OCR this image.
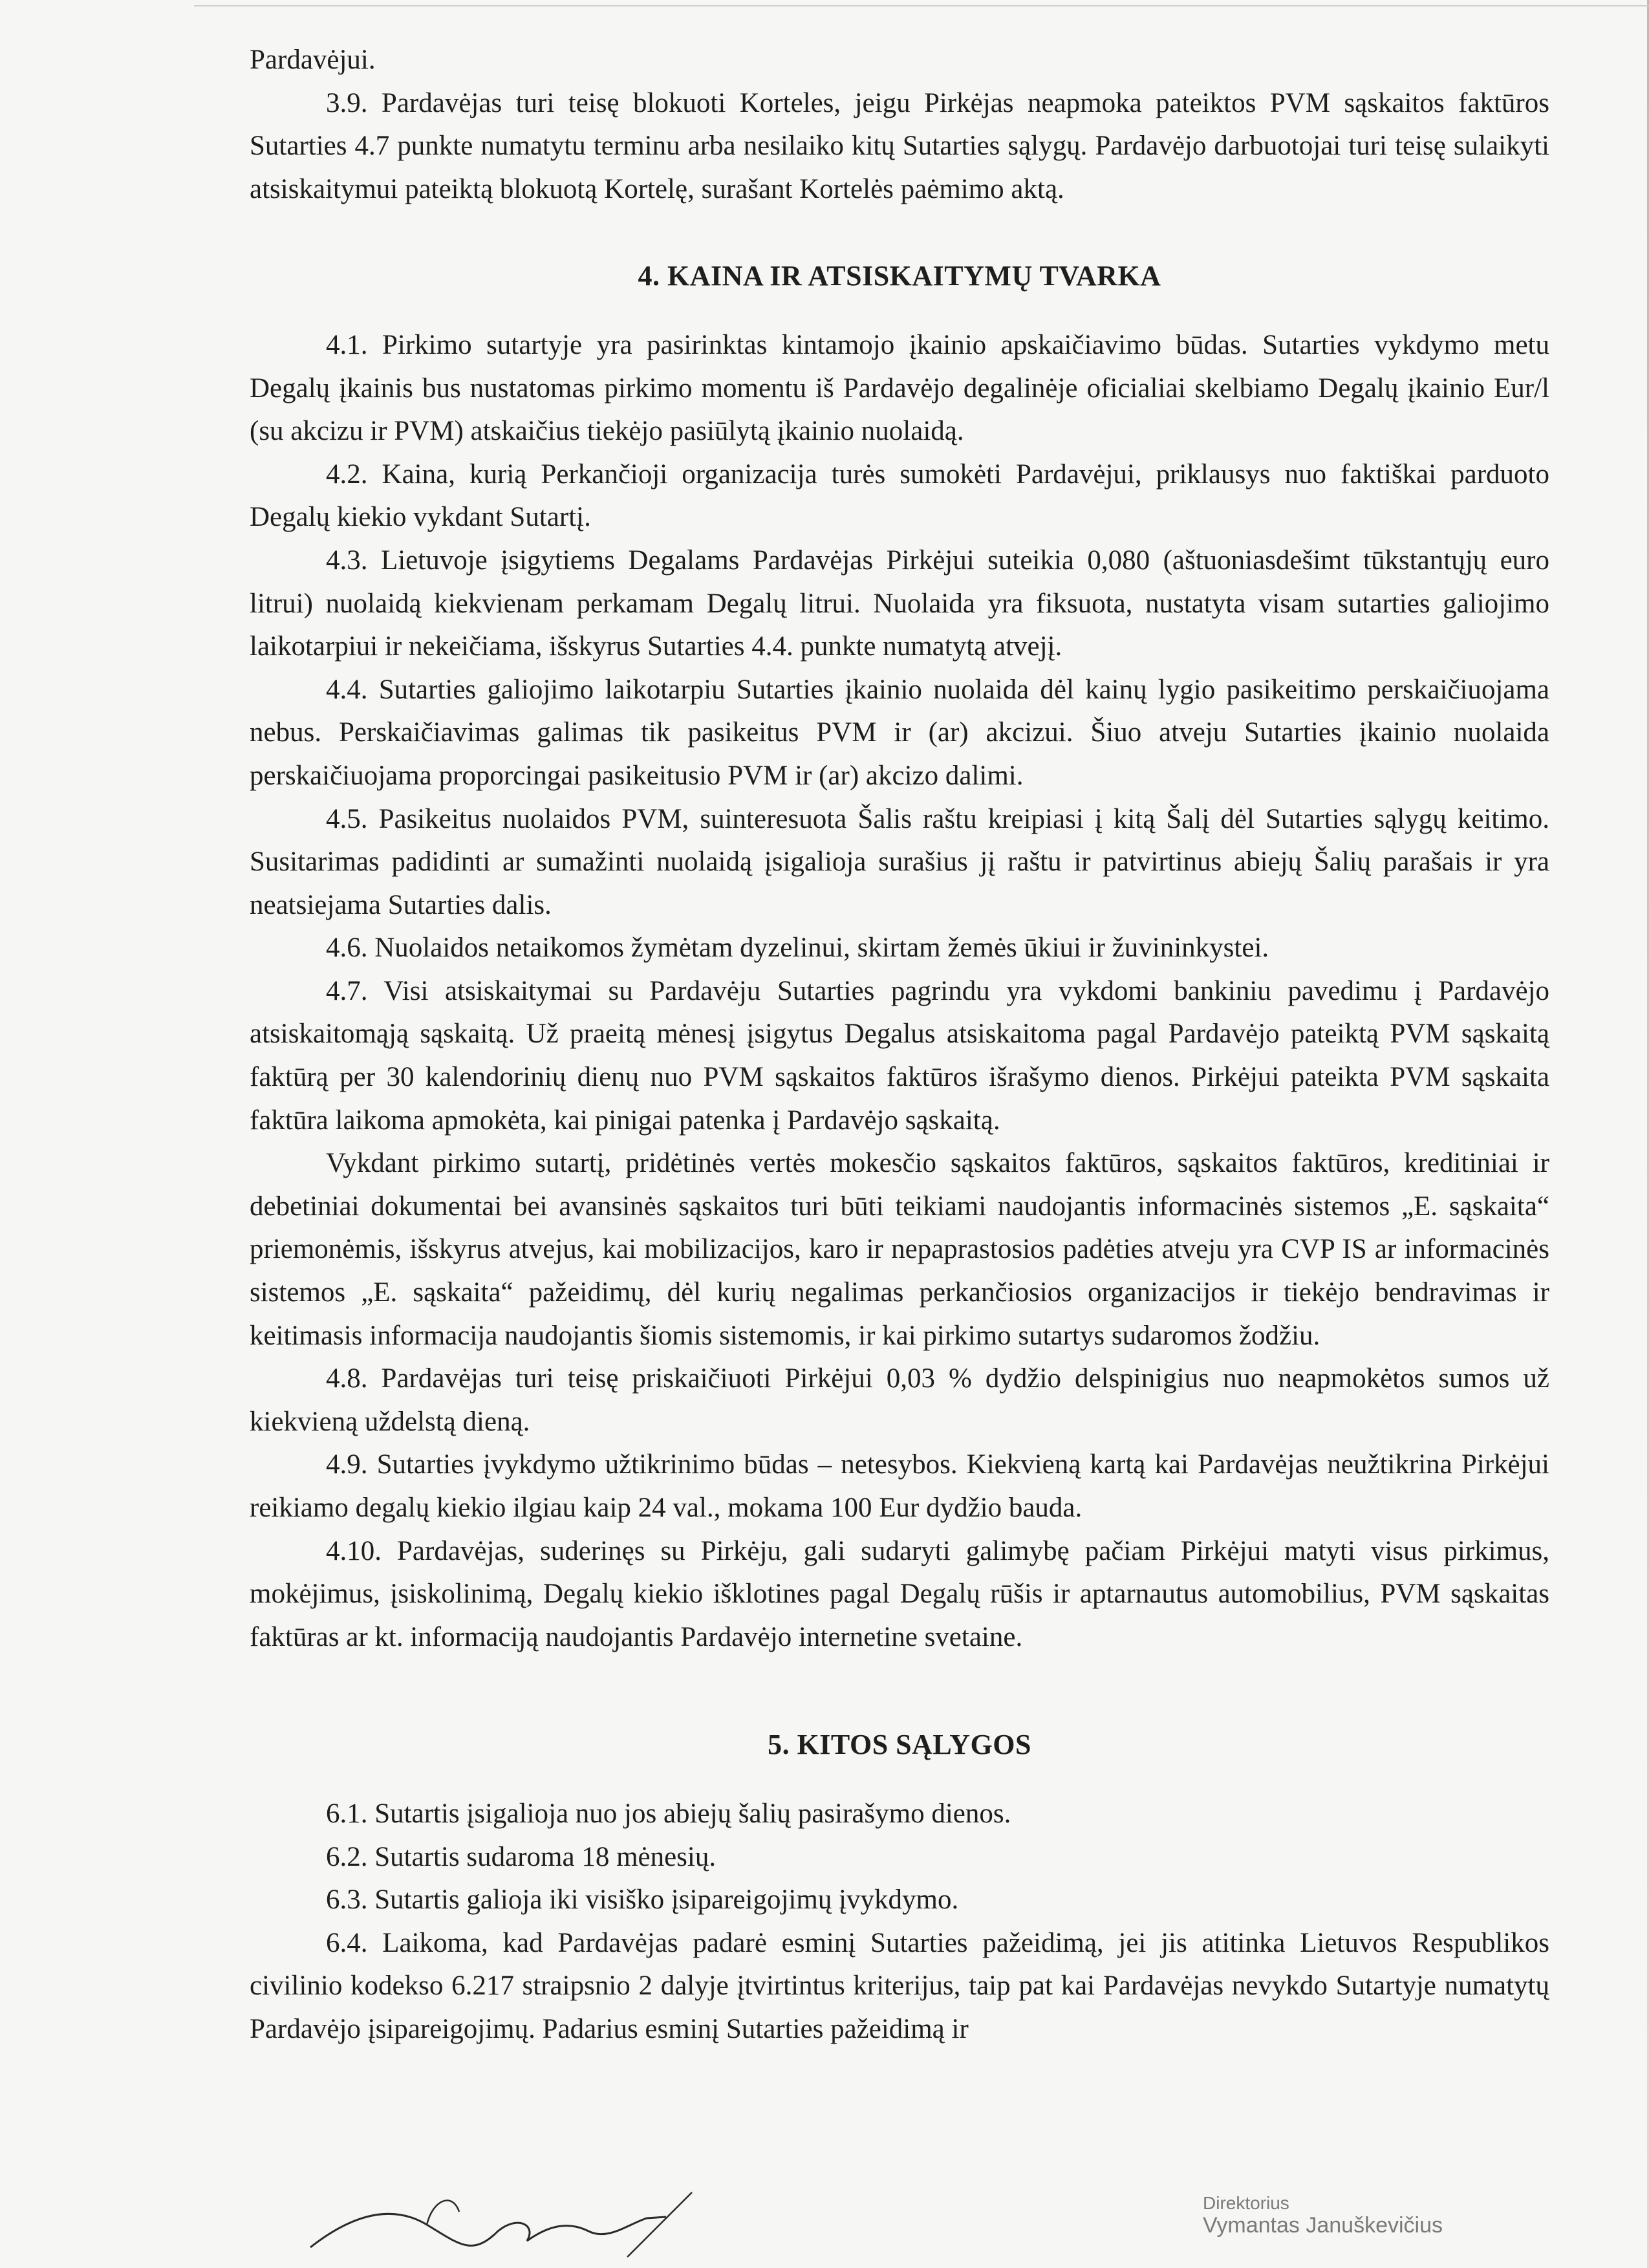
Pardavėjui.

3.9. Pardavėjas turi teisę blokuoti Korteles, jeigu Pirkėjas neapmoka pateiktos PVM sąskaitos faktūros Sutarties 4.7 punkte numatytu terminu arba nesilaiko kitų Sutarties sąlygų. Pardavėjo darbuotojai turi teisę sulaikyti atsiskaitymui pateiktą blokuotą Kortelę, surašant Kortelės paėmimo aktą.

4. KAINA IR ATSISKAITYMŲ TVARKA

4.1. Pirkimo sutartyje yra pasirinktas kintamojo įkainio apskaičiavimo būdas. Sutarties vykdymo metu Degalų įkainis bus nustatomas pirkimo momentu iš Pardavėjo degalinėje oficialiai skelbiamo Degalų įkainio Eur/l (su akcizu ir PVM) atskaičius tiekėjo pasiūlytą įkainio nuolaidą.

4.2. Kaina, kurią Perkančioji organizacija turės sumokėti Pardavėjui, priklausys nuo faktiškai parduoto Degalų kiekio vykdant Sutartį.

4.3. Lietuvoje įsigytiems Degalams Pardavėjas Pirkėjui suteikia 0,080 (aštuoniasdešimt tūkstantųjų euro litrui) nuolaidą kiekvienam perkamam Degalų litrui. Nuolaida yra fiksuota, nustatyta visam sutarties galiojimo laikotarpiui ir nekeičiama, išskyrus Sutarties 4.4. punkte numatytą atvejį.

4.4. Sutarties galiojimo laikotarpiu Sutarties įkainio nuolaida dėl kainų lygio pasikeitimo perskaičiuojama nebus. Perskaičiavimas galimas tik pasikeitus PVM ir (ar) akcizui. Šiuo atveju Sutarties įkainio nuolaida perskaičiuojama proporcingai pasikeitusio PVM ir (ar) akcizo dalimi.

4.5. Pasikeitus nuolaidos PVM, suinteresuota Šalis raštu kreipiasi į kitą Šalį dėl Sutarties sąlygų keitimo. Susitarimas padidinti ar sumažinti nuolaidą įsigalioja surašius jį raštu ir patvirtinus abiejų Šalių parašais ir yra neatsiejama Sutarties dalis.

4.6. Nuolaidos netaikomos žymėtam dyzelinui, skirtam žemės ūkiui ir žuvininkystei.

4.7. Visi atsiskaitymai su Pardavėju Sutarties pagrindu yra vykdomi bankiniu pavedimu į Pardavėjo atsiskaitomąją sąskaitą. Už praeitą mėnesį įsigytus Degalus atsiskaitoma pagal Pardavėjo pateiktą PVM sąskaitą faktūrą per 30 kalendorinių dienų nuo PVM sąskaitos faktūros išrašymo dienos. Pirkėjui pateikta PVM sąskaita faktūra laikoma apmokėta, kai pinigai patenka į Pardavėjo sąskaitą.

Vykdant pirkimo sutartį, pridėtinės vertės mokesčio sąskaitos faktūros, sąskaitos faktūros, kreditiniai ir debetiniai dokumentai bei avansinės sąskaitos turi būti teikiami naudojantis informacinės sistemos „E. sąskaita“ priemonėmis, išskyrus atvejus, kai mobilizacijos, karo ir nepaprastosios padėties atveju yra CVP IS ar informacinės sistemos „E. sąskaita“ pažeidimų, dėl kurių negalimas perkančiosios organizacijos ir tiekėjo bendravimas ir keitimasis informacija naudojantis šiomis sistemomis, ir kai pirkimo sutartys sudaromos žodžiu.

4.8. Pardavėjas turi teisę priskaičiuoti Pirkėjui 0,03 % dydžio delspinigius nuo neapmokėtos sumos už kiekvieną uždelstą dieną.

4.9. Sutarties įvykdymo užtikrinimo būdas – netesybos. Kiekvieną kartą kai Pardavėjas neužtikrina Pirkėjui reikiamo degalų kiekio ilgiau kaip 24 val., mokama 100 Eur dydžio bauda.

4.10. Pardavėjas, suderinęs su Pirkėju, gali sudaryti galimybę pačiam Pirkėjui matyti visus pirkimus, mokėjimus, įsiskolinimą, Degalų kiekio išklotines pagal Degalų rūšis ir aptarnautus automobilius, PVM sąskaitas faktūras ar kt. informaciją naudojantis Pardavėjo internetine svetaine.

5. KITOS SĄLYGOS

6.1. Sutartis įsigalioja nuo jos abiejų šalių pasirašymo dienos.

6.2. Sutartis sudaroma 18 mėnesių.

6.3. Sutartis galioja iki visiško įsipareigojimų įvykdymo.

6.4. Laikoma, kad Pardavėjas padarė esminį Sutarties pažeidimą, jei jis atitinka Lietuvos Respublikos civilinio kodekso 6.217 straipsnio 2 dalyje įtvirtintus kriterijus, taip pat kai Pardavėjas nevykdo Sutartyje numatytų Pardavėjo įsipareigojimų. Padarius esminį Sutarties pažeidimą ir

Direktorius
Vymantas Januškevičius
